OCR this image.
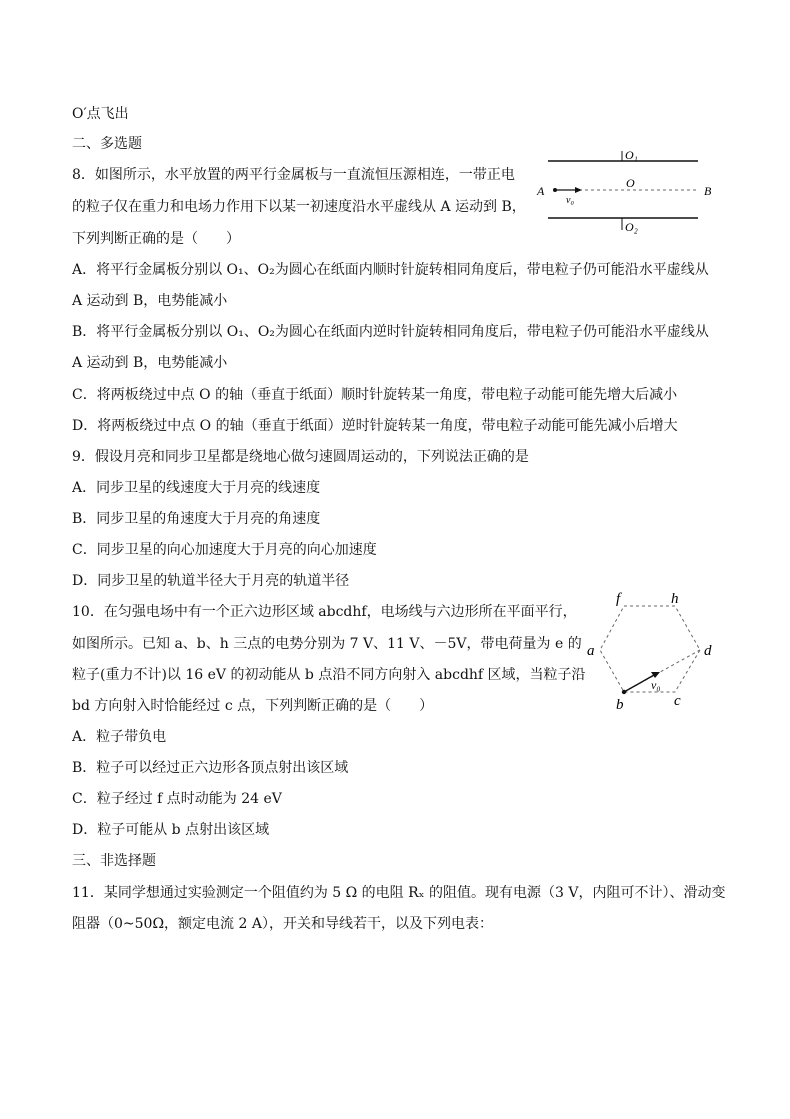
O′点飞出
二、多选题
8．如图所示，水平放置的两平行金属板与一直流恒压源相连，一带正电
的粒子仅在重力和电场力作用下以某一初速度沿水平虚线从 A 运动到 B，
下列判断正确的是（　　）
A．将平行金属板分别以 O₁、O₂为圆心在纸面内顺时针旋转相同角度后，带电粒子仍可能沿水平虚线从
A 运动到 B，电势能减小
B．将平行金属板分别以 O₁、O₂为圆心在纸面内逆时针旋转相同角度后，带电粒子仍可能沿水平虚线从
A 运动到 B，电势能减小
C．将两板绕过中点 O 的轴（垂直于纸面）顺时针旋转某一角度，带电粒子动能可能先增大后减小
D．将两板绕过中点 O 的轴（垂直于纸面）逆时针旋转某一角度，带电粒子动能可能先减小后增大
O₁
O₂
O
A	B
v₀
9．假设月亮和同步卫星都是绕地心做匀速圆周运动的，下列说法正确的是
A．同步卫星的线速度大于月亮的线速度
B．同步卫星的角速度大于月亮的角速度
C．同步卫星的向心加速度大于月亮的向心加速度
D．同步卫星的轨道半径大于月亮的轨道半径
10．在匀强电场中有一个正六边形区域 abcdhf，电场线与六边形所在平面平行，
如图所示。已知 a、b、h 三点的电势分别为 7 V、11 V、－5V，带电荷量为 e 的
粒子(重力不计)以 16 eV 的初动能从 b 点沿不同方向射入 abcdhf 区域，当粒子沿
bd 方向射入时恰能经过 c 点，下列判断正确的是（　　）
A．粒子带负电
B．粒子可以经过正六边形各顶点射出该区域
C．粒子经过 f 点时动能为 24 eV
D．粒子可能从 b 点射出该区域
f	h
a	d
b	c
v₀
三、非选择题
11．某同学想通过实验测定一个阻值约为 5 Ω 的电阻 Rₓ 的阻值。现有电源（3 V，内阻可不计）、滑动变
阻器（0~50Ω，额定电流 2 A），开关和导线若干，以及下列电表：
